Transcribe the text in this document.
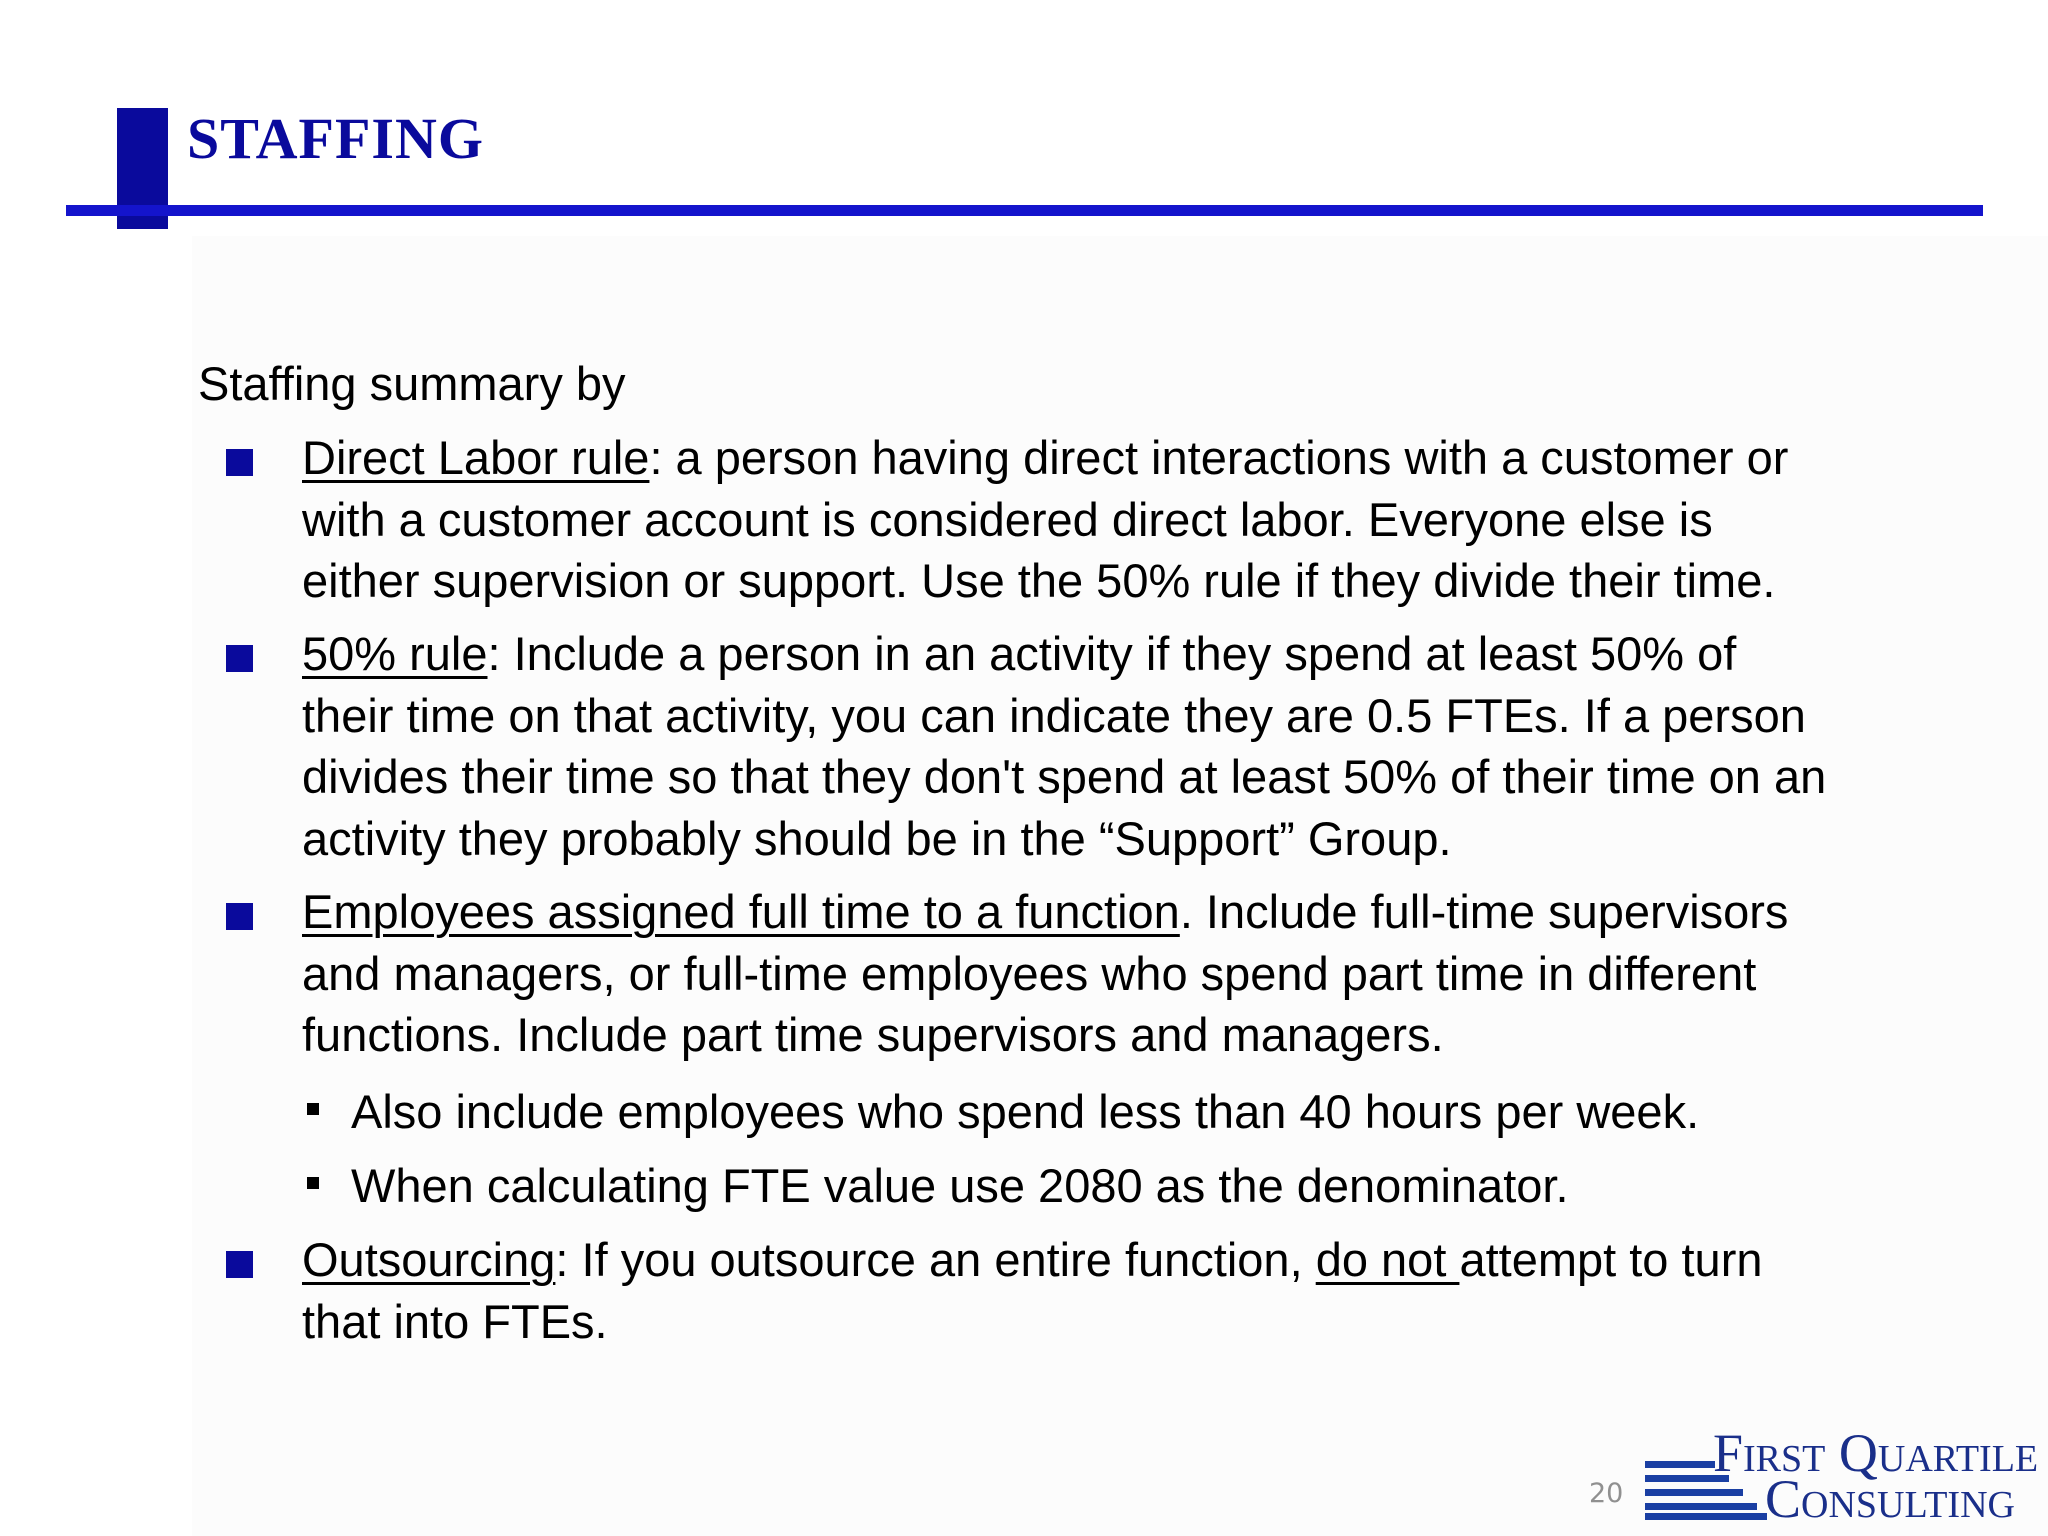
STAFFING

Staffing summary by

Direct Labor rule: a person having direct interactions with a customer or
with a customer account is considered direct labor. Everyone else is
either supervision or support. Use the 50% rule if they divide their time.
50% rule: Include a person in an activity if they spend at least 50% of
their time on that activity, you can indicate they are 0.5 FTEs. If a person
divides their time so that they don't spend at least 50% of their time on an
activity they probably should be in the “Support” Group.
Employees assigned full time to a function. Include full-time supervisors
and managers, or full-time employees who spend part time in different
functions. Include part time supervisors and managers.
Also include employees who spend less than 40 hours per week.
When calculating FTE value use 2080 as the denominator.
Outsourcing: If you outsource an entire function, do not attempt to turn
that into FTEs.
20
First Quartile
Consulting
